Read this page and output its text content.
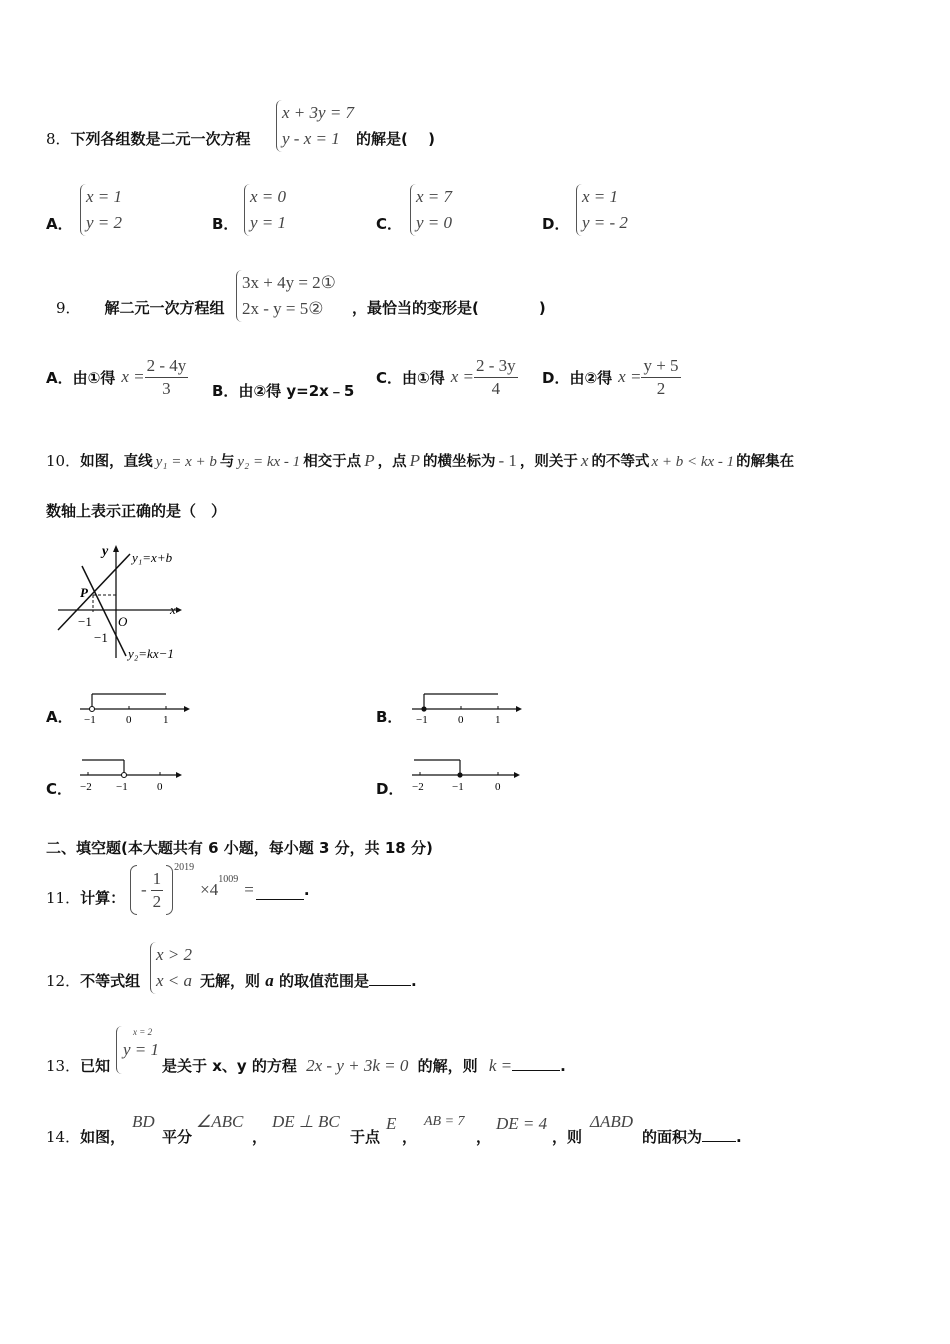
8．下列各组数是二元一次方程
x + 3y = 7
y - x = 1	的解是(　 )
A．
x = 1
y = 2	B．
x = 0
y = 1	C．
x = 7
y = 0	D．
x = 1
y = - 2
9． 解二元一次方程组
3x + 4y = 2①
2x - y = 5②	，最恰当的变形是(　　　　)
A． 由①得 $x = \frac{2 - 4y}{3}$ B．由②得 y=2x﹣5
C． 由①得 $x = \frac{2 - 3y}{4}$ D． 由②得 $x = \frac{y + 5}{2}$
10．如图，直线 y₁ = x + b 与 y₂ = kx - 1 相交于点 P ，点 P 的横坐标为 - 1 ，则关于 x 的不等式 x + b < kx - 1 的解集在
数轴上表示正确的是（　）
y
x
O
P
−1
−1
y₁=x+b
y₂=kx−1
A． −1	0	1	B． −1	0	1
C． −2 −1	0	D． −2	−1	0
二、填空题(本大题共有 6 小题，每小题 3 分，共 18 分)
11．计算： - $\frac{1}{2} 2019$
×4
1009
=	.
12．不等式组
x > 2
x < a 无解，则 a 的取值范围是	.
13．已知
x = 2
y = 1
是关于 x、y 的方程 2x - y + 3k = 0 的解，则 k =	.
14．如图，
BD
平分
∠ABC
，
DE ⊥ BC
于点
E
，
AB = 7
，
DE = 4
，则
ΔABD
的面积为 .
